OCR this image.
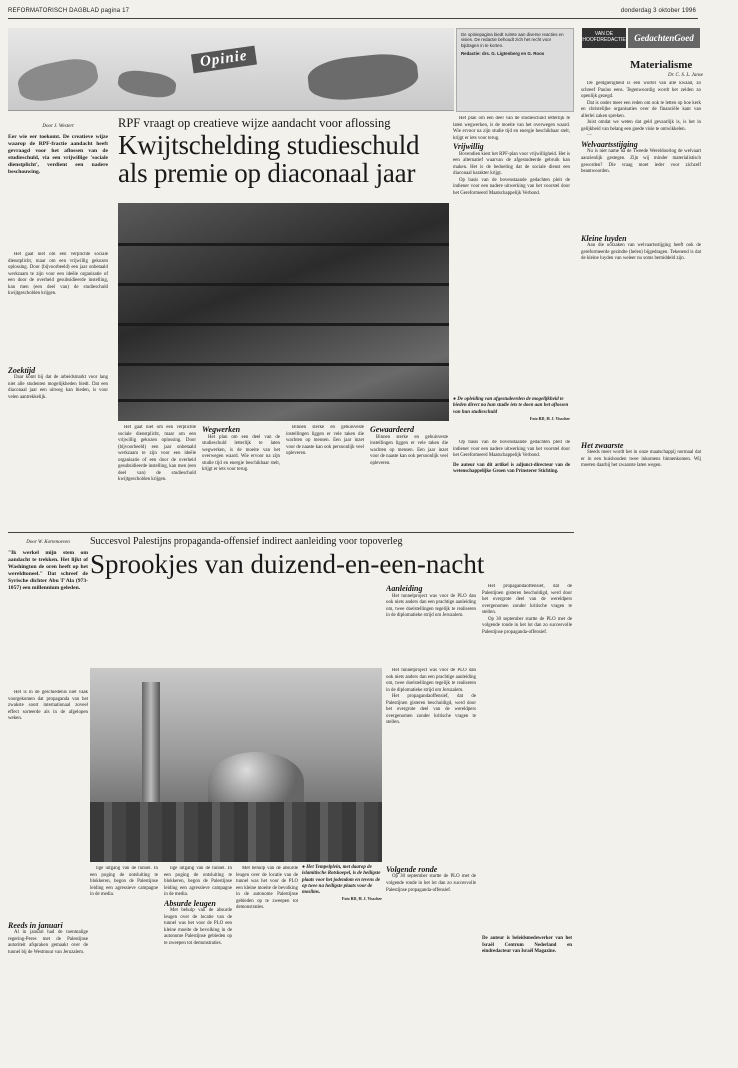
REFORMATORISCH DAGBLAD pagina 17	donderdag 3 oktober 1996
Opinie
De opiniepagina biedt ruimte aan diverse reacties en visies. De redactie behoudt zich het recht voor bijdragen in te korten.
Redactie: drs. G. Ligtenberg en G. Roos
VAN DE HOOFDREDACTIE GedachtenGoed
Materialisme
Dr. C. S. L. Janse

De geldgierigheid is een wortel van alle kwaad, zo schreef Paulus eens. Tegenwoordig wordt het zelden zo openlijk gezegd.

Dat is onder meer een reden om ook te letten op hoe kerk en christelijke organisaties over de financiële kant van allerlei zaken spreken.

Juist omdat we weten dat geld gevaarlijk is, is het in gelijkheid van belang een goede visie te ontwikkelen.

—

Welvaartsstijging

Nu is niet name na de Tweede Wereldoorlog de welvaart aanzienlijk gestegen. Zijn wij minder materialistisch geworden? Die vraag moet ieder voor zichzelf beantwoorden.

Kleine luyden

Aan die oorzaken van welvaartsstijging heeft ook de gereformeerde gezindte (helen) bijgedragen. Tekenend is dat de kleine luyden van weleer nu soms bemiddeld zijn.

Het zwaarste

Steeds meer wordt het in onze maatschappij normaal dat er in een huishouden twee inkomens binnenkomen. Wij moeten daarbij het zwaarste laten wegen.

Door J. Westert
Eer wie eer toekomt. De creatieve wijze waarop de RPF-fractie aandacht heeft gevraagd voor het aflossen van de studieschuld, via een vrijwillige 'sociale dienstplicht', verdient een nadere beschouwing.

Het gaat niet om een verplichte sociale dienstplicht, maar om een vrijwillig gekozen oplossing. Door (bijvoorbeeld) een jaar onbetaald werkzaam te zijn voor een ideële organisatie of een door de overheid gesubsidieerde instelling, kan men (een deel van) de studieschuld kwijtgescholden krijgen.

Zoektijd

Daar komt bij dat de arbeidsmarkt voor lang niet alle studenten mogelijkheden biedt. Dat een diaconaal jaar een uitweg kan bieden, is voor velen aantrekkelijk.

RPF vraagt op creatieve wijze aandacht voor aflossing
Kwijtschelding studieschuld
als premie op diaconaal jaar
● De opleiding van afgestudeerden de mogelijkheid te bieden direct na hun studie iets te doen aan het aflossen van hun studieschuld
Foto RD, H. J. Visscher

Het gaat niet om een verplichte sociale dienstplicht, maar om een vrijwillig gekozen oplossing. Door (bijvoorbeeld) een jaar onbetaald werkzaam te zijn voor een ideële organisatie of een door de overheid gesubsidieerde instelling, kan men (een deel van) de studieschuld kwijtgescholden krijgen.

Wegwerken

Het plan om een deel van de studieschuld letterlijk te laten wegwerken, is de moeite van het overwegen waard. Wie ervoor na zijn studie tijd en energie beschikbaar stelt, krijgt er iets voor terug.

Binnen sterke en gehuisveste instellingen liggen er vele taken die wachten op mensen. Een jaar inzet voor de naaste kan ook persoonlijk veel opleveren.

Gewaardeerd

Binnen sterke en gehuisveste instellingen liggen er vele taken die wachten op mensen. Een jaar inzet voor de naaste kan ook persoonlijk veel opleveren.

Het plan om een deel van de studieschuld letterlijk te laten wegwerken, is de moeite van het overwegen waard. Wie ervoor na zijn studie tijd en energie beschikbaar stelt, krijgt er iets voor terug.

Vrijwillig

Bovendien kiest het RPF-plan voor vrijwilligheid. Het is een alternatief waarvan de afgestudeerde gebruik kan maken. Het is de bedoeling dat de sociale dienst een diaconaal karakter krijgt.

Op basis van de bovenstaande gedachten pleit de indiener voor een nadere uitwerking van het voorstel door het Gereformeerd Maatschappelijk Verbond.

Op basis van de bovenstaande gedachten pleit de indiener voor een nadere uitwerking van het voorstel door het Gereformeerd Maatschappelijk Verbond.

De auteur van dit artikel is adjunct-directeur van de wetenschappelijke Groen van Prinsterer Stichting.

Door W. Kortenoeven
"Ik werkel mijn stem om aandacht te trekken. Het lijkt of Washington de oren heeft op het wereldtoneel." Dat schreef de Syrische dichter Abu T'Ala (973-1057) een millennium geleden.

Het is in de geschiedenis niet vaak voorgekomen dat propaganda van het zwakste soort internationaal zoveel effect sorteerde als in de afgelopen weken.

Reeds in januari

Al in januari had de toenmalige regering-Peres met de Palestijnse autoriteit afspraken gemaakt over de tunnel bij de Westmuur van Jeruzalem.

Succesvol Palestijns propaganda-offensief indirect aanleiding voor topoverleg
Sprookjes van duizend-en-een-nacht
Aanleiding

Het tunnelproject was voor de PLO dan ook niets anders dan een prachtige aanleiding om, twee doelstellingen tegelijk te realiseren in de diplomatieke strijd om Jeruzalem.

● Het Tempelplein, met daarop de islamitische Rotskoepel, is de heiligste plaats voor het jodendom en tevens de op twee na heiligste plaats voor de moslims.
Foto RD, H. J. Visscher

lige uitgang van de tunnel. In een poging de ontsluiting te blokkeren, begon de Palestijnse leiding een agressieve campagne in de media.

lige uitgang van de tunnel. In een poging de ontsluiting te blokkeren, begon de Palestijnse leiding een agressieve campagne in de media.

Absurde leugen

Met behulp van de absurde leugen over de locatie van de tunnel was het voor de PLO een kleine moeite de bevolking in de autonome Palestijnse gebieden op te zweepen tot demonstraties.

Met behulp van de absurde leugen over de locatie van de tunnel was het voor de PLO een kleine moeite de bevolking in de autonome Palestijnse gebieden op te zweepen tot demonstraties.

Het tunnelproject was voor de PLO dan ook niets anders dan een prachtige aanleiding om, twee doelstellingen tegelijk te realiseren in de diplomatieke strijd om Jeruzalem.

Het propagandaoffensief, dat de Palestijnen gisteren beschuldigd, werd door het overgrote deel van de wereldpers overgenomen zonder kritische vragen te stellen.

Volgende ronde

Op 30 september startte de PLO met de volgende ronde in het lot dan zo succesvolle Palestijnse propaganda-offensief.

Het propagandaoffensief, dat de Palestijnen gisteren beschuldigd, werd door het overgrote deel van de wereldpers overgenomen zonder kritische vragen te stellen.

Op 30 september startte de PLO met de volgende ronde in het lot dan zo succesvolle Palestijnse propaganda-offensief.

De auteur is beleidsmedewerker van het Israël Centrum Nederland en eindredacteur van Israël Magazine.
